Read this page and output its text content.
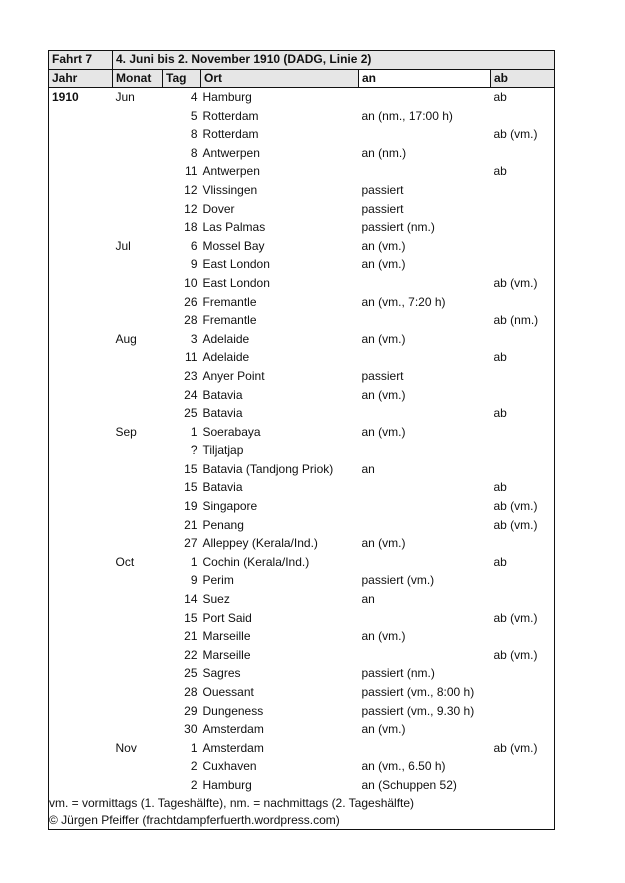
Fahrt 7	4. Juni bis 2. November 1910 (DADG, Linie 2)				
Jahr	Monat	Tag	Ort	an	ab
1910	Jun	4	Hamburg		ab
		5	Rotterdam	an (nm., 17:00 h)	
		8	Rotterdam		ab (vm.)
		8	Antwerpen	an (nm.)	
		11	Antwerpen		ab
		12	Vlissingen	passiert	
		12	Dover	passiert	
		18	Las Palmas	passiert (nm.)	
	Jul	6	Mossel Bay	an (vm.)	
		9	East London	an (vm.)	
		10	East London		ab (vm.)
		26	Fremantle	an (vm., 7:20 h)	
		28	Fremantle		ab (nm.)
	Aug	3	Adelaide	an (vm.)	
		11	Adelaide		ab
		23	Anyer Point	passiert	
		24	Batavia	an (vm.)	
		25	Batavia		ab
	Sep	1	Soerabaya	an (vm.)	
		?	Tiljatjap		
		15	Batavia (Tandjong Priok)	an	
		15	Batavia		ab
		19	Singapore		ab (vm.)
		21	Penang		ab (vm.)
		27	Alleppey (Kerala/Ind.)	an (vm.)	
	Oct	1	Cochin (Kerala/Ind.)		ab
		9	Perim	passiert (vm.)	
		14	Suez	an	
		15	Port Said		ab (vm.)
		21	Marseille	an (vm.)	
		22	Marseille		ab (vm.)
		25	Sagres	passiert (nm.)	
		28	Ouessant	passiert (vm., 8:00 h)	
		29	Dungeness	passiert (vm., 9.30 h)	
		30	Amsterdam	an (vm.)	
	Nov	1	Amsterdam		ab (vm.)
		2	Cuxhaven	an (vm., 6.50 h)	
		2	Hamburg	an (Schuppen 52)	
vm. = vormittags (1. Tageshälfte), nm. = nachmittags (2. Tageshälfte)					
© Jürgen Pfeiffer (frachtdampferfuerth.wordpress.com)					
